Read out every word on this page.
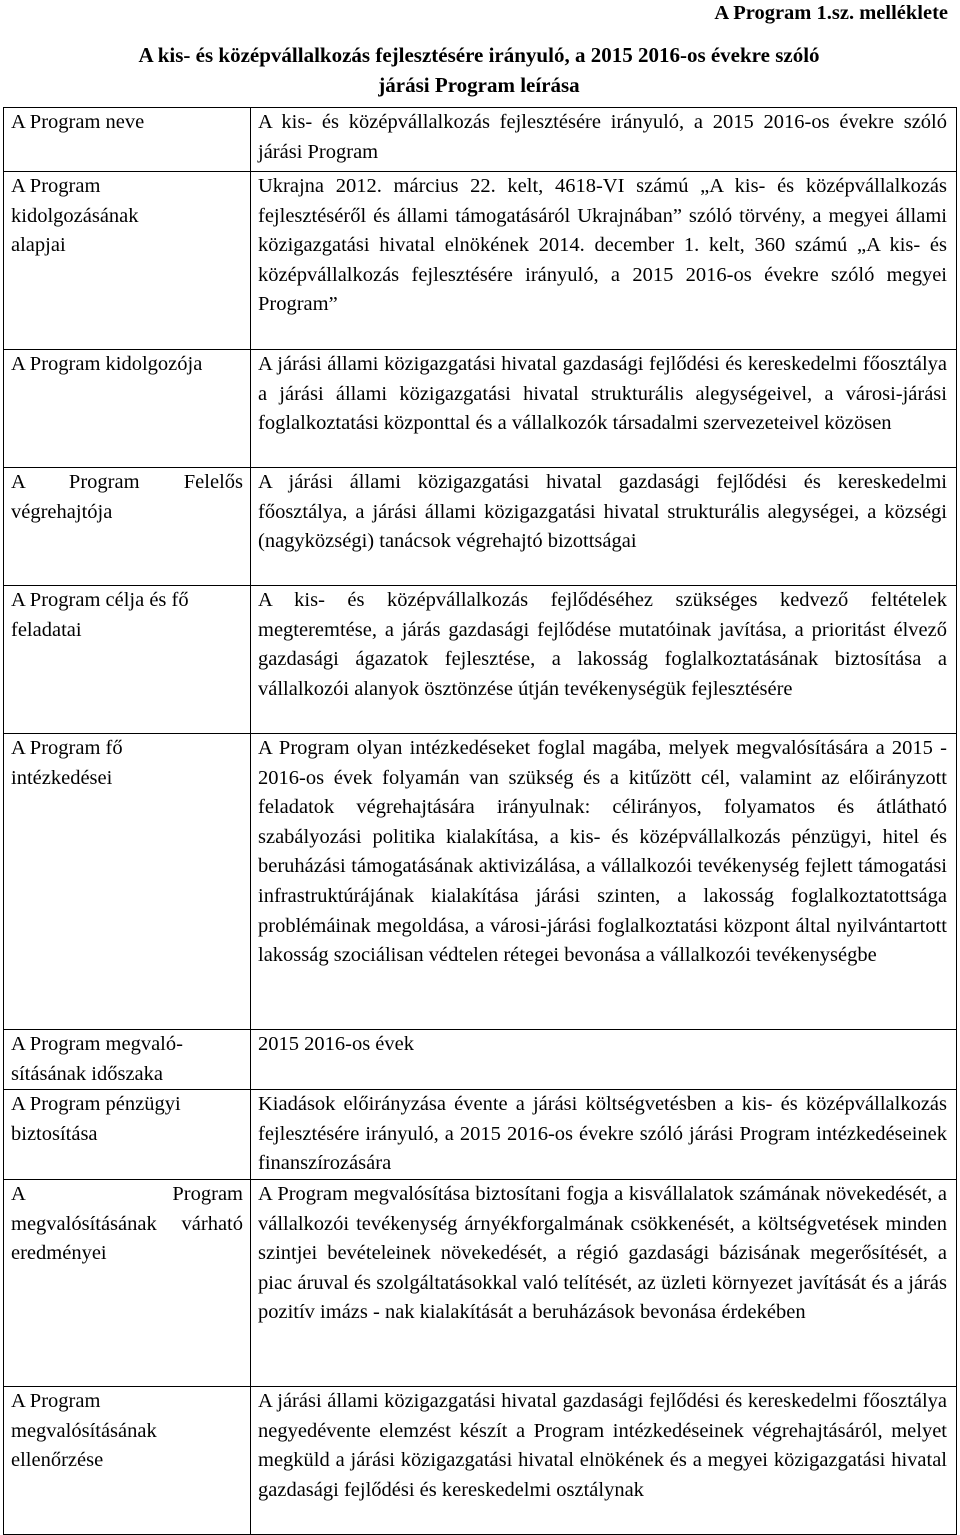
A Program 1.sz. melléklete
A kis- és középvállalkozás fejlesztésére irányuló, a 2015 2016-os évekre szóló
járási Program leírása
A Program neve	A kis- és középvállalkozás fejlesztésére irányuló, a 2015 2016-os évekre szóló járási Program
A Program kidolgozásának alapjai	Ukrajna 2012. március 22. kelt, 4618-VI számú „A kis- és középvállalkozás fejlesztéséről és állami támogatásáról Ukrajnában” szóló törvény, a megyei állami közigazgatási hivatal elnökének 2014. december 1. kelt, 360 számú „A kis- és középvállalkozás fejlesztésére irányuló, a 2015 2016-os évekre szóló megyei Program”
A Program kidolgozója	A járási állami közigazgatási hivatal gazdasági fejlődési és kereskedelmi főosztálya a járási állami közigazgatási hivatal strukturális alegységeivel, a városi-járási foglalkoztatási központtal és a vállalkozók társadalmi szervezeteivel közösen
A Program Felelős végrehajtója	A járási állami közigazgatási hivatal gazdasági fejlődési és kereskedelmi főosztálya, a járási állami közigazgatási hivatal strukturális alegységei, a községi (nagyközségi) tanácsok végrehajtó bizottságai
A Program célja és fő feladatai	A kis- és középvállalkozás fejlődéséhez szükséges kedvező feltételek megteremtése, a járás gazdasági fejlődése mutatóinak javítása, a prioritást élvező gazdasági ágazatok fejlesztése, a lakosság foglalkoztatásának biztosítása a vállalkozói alanyok ösztönzése útján tevékenységük fejlesztésére
A Program fő intézkedései	A Program olyan intézkedéseket foglal magába, melyek megvalósítására a 2015 - 2016-os évek folyamán van szükség és a kitűzött cél, valamint az előirányzott feladatok végrehajtására irányulnak: célirányos, folyamatos és átlátható szabályozási politika kialakítása, a kis- és középvállalkozás pénzügyi, hitel és beruházási támogatásának aktivizálása, a vállalkozói tevékenység fejlett támogatási infrastruktúrájának kialakítása járási szinten, a lakosság foglalkoztatottsága problémáinak megoldása, a városi-járási foglalkoztatási központ által nyilvántartott lakosság szociálisan védtelen rétegei bevonása a vállalkozói tevékenységbe
A Program megvalósításának időszaka	2015 2016-os évek
A Program pénzügyi biztosítása	Kiadások előirányzása évente a járási költségvetésben a kis- és középvállalkozás fejlesztésére irányuló, a 2015 2016-os évekre szóló járási Program intézkedéseinek finanszírozására
A Program megvalósításának várható eredményei	A Program megvalósítása biztosítani fogja a kisvállalatok számának növekedését, a vállalkozói tevékenység árnyékforgalmának csökkenését, a költségvetések minden szintjei bevételeinek növekedését, a régió gazdasági bázisának megerősítését, a piac áruval és szolgáltatásokkal való telítését, az üzleti környezet javítását és a járás pozitív imázs - nak kialakítását a beruházások bevonása érdekében
A Program megvalósításának ellenőrzése	A járási állami közigazgatási hivatal gazdasági fejlődési és kereskedelmi főosztálya negyedévente elemzést készít a Program intézkedéseinek végrehajtásáról, melyet megküld a járási közigazgatási hivatal elnökének és a megyei közigazgatási hivatal gazdasági fejlődési és kereskedelmi osztálynak
